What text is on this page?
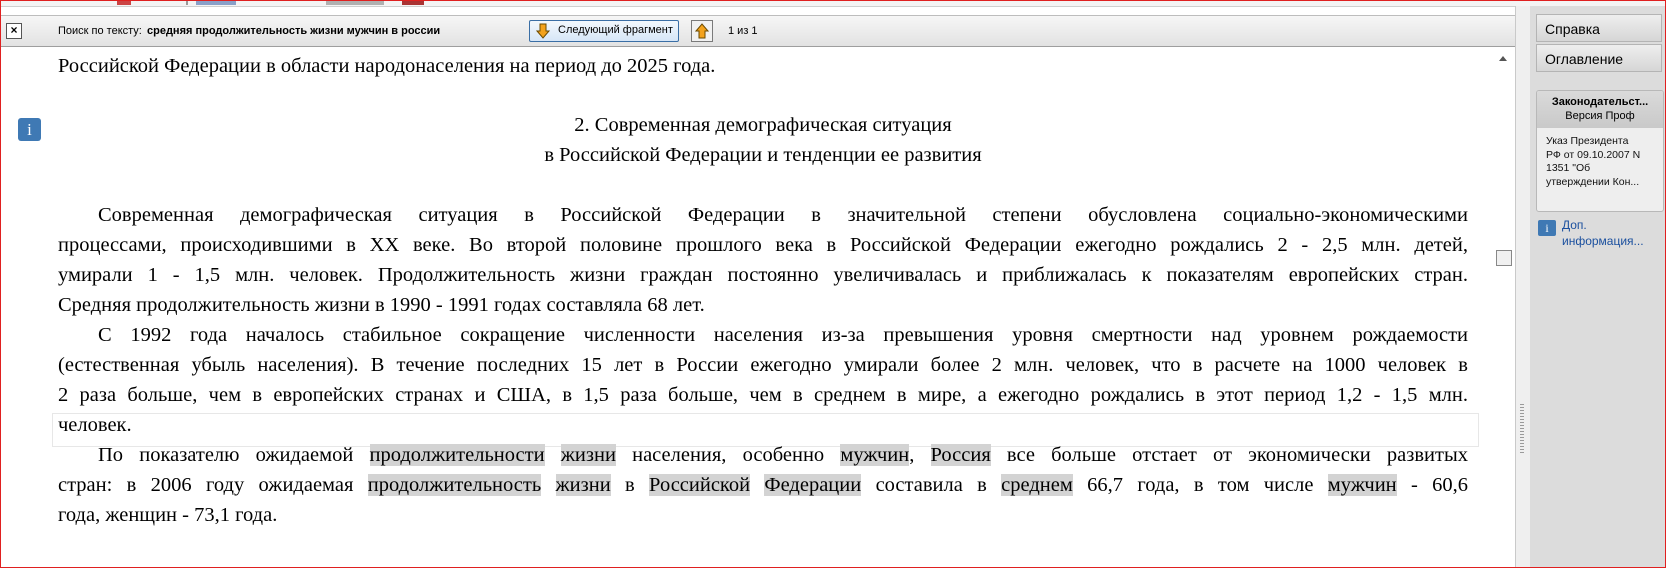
×	Поиск по тексту: средняя продолжительность жизни мужчин в россии	Следующий фрагмент	1 из 1
Российской Федерации в области народонаселения на период до 2025 года.
i	2. Современная демографическая ситуация
в Российской Федерации и тенденции ее развития
Современная демографическая ситуация в Российской Федерации в значительной степени обусловлена социально-экономическими
процессами, происходившими в XX веке. Во второй половине прошлого века в Российской Федерации ежегодно рождались 2 - 2,5 млн. детей,
умирали 1 - 1,5 млн. человек. Продолжительность жизни граждан постоянно увеличивалась и приближалась к показателям европейских стран.
Средняя продолжительность жизни в 1990 - 1991 годах составляла 68 лет.
С 1992 года началось стабильное сокращение численности населения из-за превышения уровня смертности над уровнем рождаемости
(естественная убыль населения). В течение последних 15 лет в России ежегодно умирали более 2 млн. человек, что в расчете на 1000 человек в
2 раза больше, чем в европейских странах и США, в 1,5 раза больше, чем в среднем в мире, а ежегодно рождались в этот период 1,2 - 1,5 млн.
человек.
По показателю ожидаемой продолжительности жизни населения, особенно мужчин, Россия все больше отстает от экономически развитых
стран: в 2006 году ожидаемая продолжительность жизни в Российской Федерации составила в среднем 66,7 года, в том числе мужчин - 60,6
года, женщин - 73,1 года.
Справка
Оглавление
Законодательст...
Версия Проф
Указ Президента
РФ от 09.10.2007 N
1351 "Об
утверждении Кон...
i	Доп.
информация...
